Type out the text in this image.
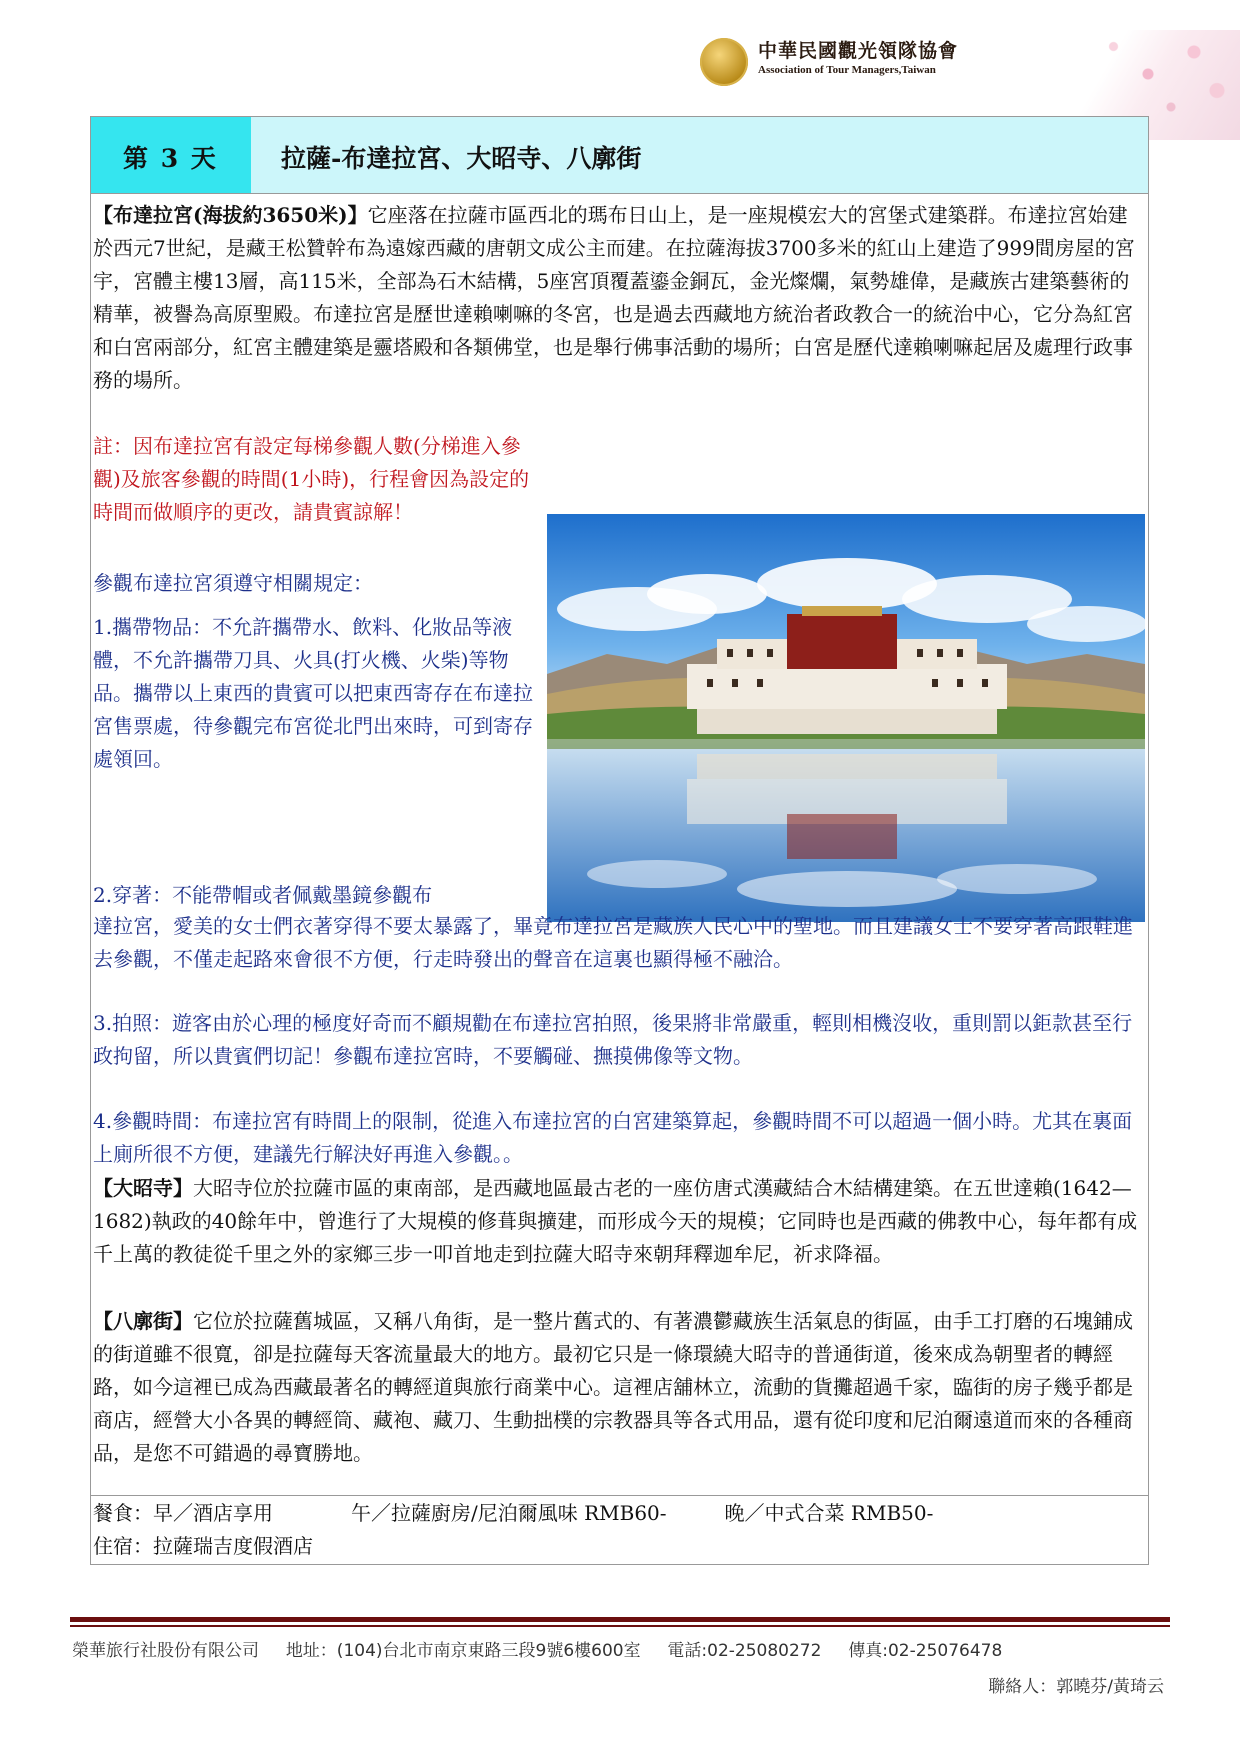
中華民國觀光領隊協會
Association of Tour Managers,Taiwan
第 3 天	拉薩-布達拉宮、大昭寺、八廓街
【布達拉宮(海拔約3650米)】它座落在拉薩市區西北的瑪布日山上，是一座規模宏大的宮堡式建築群。布達拉宮始建於西元7世紀，是藏王松贊幹布為遠嫁西藏的唐朝文成公主而建。在拉薩海拔3700多米的紅山上建造了999間房屋的宮宇，宮體主樓13層，高115米，全部為石木結構，5座宮頂覆蓋鎏金銅瓦，金光燦爛，氣勢雄偉，是藏族古建築藝術的精華，被譽為高原聖殿。布達拉宮是歷世達賴喇嘛的冬宮，也是過去西藏地方統治者政教合一的統治中心，它分為紅宮和白宮兩部分，紅宮主體建築是靈塔殿和各類佛堂，也是舉行佛事活動的場所；白宮是歷代達賴喇嘛起居及處理行政事務的場所。
註：因布達拉宮有設定每梯參觀人數(分梯進入參觀)及旅客參觀的時間(1小時)，行程會因為設定的時間而做順序的更改，請貴賓諒解！
參觀布達拉宮須遵守相關規定：
1.攜帶物品：不允許攜帶水、飲料、化妝品等液體，不允許攜帶刀具、火具(打火機、火柴)等物品。攜帶以上東西的貴賓可以把東西寄存在布達拉宮售票處，待參觀完布宮從北門出來時，可到寄存處領回。
2.穿著：不能帶帽或者佩戴墨鏡參觀布
達拉宮，愛美的女士們衣著穿得不要太暴露了，畢竟布達拉宮是藏族人民心中的聖地。而且建議女士不要穿著高跟鞋進去參觀，不僅走起路來會很不方便，行走時發出的聲音在這裏也顯得極不融洽。
3.拍照：遊客由於心理的極度好奇而不顧規勸在布達拉宮拍照，後果將非常嚴重，輕則相機沒收，重則罰以鉅款甚至行政拘留，所以貴賓們切記！參觀布達拉宮時，不要觸碰、撫摸佛像等文物。
4.參觀時間：布達拉宮有時間上的限制，從進入布達拉宮的白宮建築算起，參觀時間不可以超過一個小時。尤其在裏面上廁所很不方便，建議先行解決好再進入參觀。。
【大昭寺】大昭寺位於拉薩市區的東南部，是西藏地區最古老的一座仿唐式漢藏結合木結構建築。在五世達賴(1642—1682)執政的40餘年中，曾進行了大規模的修葺與擴建，而形成今天的規模；它同時也是西藏的佛教中心，每年都有成千上萬的教徒從千里之外的家鄉三步一叩首地走到拉薩大昭寺來朝拜釋迦牟尼，祈求降福。
【八廓街】它位於拉薩舊城區，又稱八角街，是一整片舊式的、有著濃鬱藏族生活氣息的街區，由手工打磨的石塊鋪成的街道雖不很寬，卻是拉薩每天客流量最大的地方。最初它只是一條環繞大昭寺的普通街道，後來成為朝聖者的轉經路，如今這裡已成為西藏最著名的轉經道與旅行商業中心。這裡店舖林立，流動的貨攤超過千家，臨街的房子幾乎都是商店，經營大小各異的轉經筒、藏袍、藏刀、生動拙樸的宗教器具等各式用品，還有從印度和尼泊爾遠道而來的各種商品，是您不可錯過的尋寶勝地。
餐食：早／酒店享用	午／拉薩廚房/尼泊爾風味 RMB60-	晚／中式合菜 RMB50-
住宿：拉薩瑞吉度假酒店
榮華旅行社股份有限公司 地址：(104)台北市南京東路三段9號6樓600室 電話:02-25080272 傳真:02-25076478
聯絡人：郭曉芬/黃琦云
